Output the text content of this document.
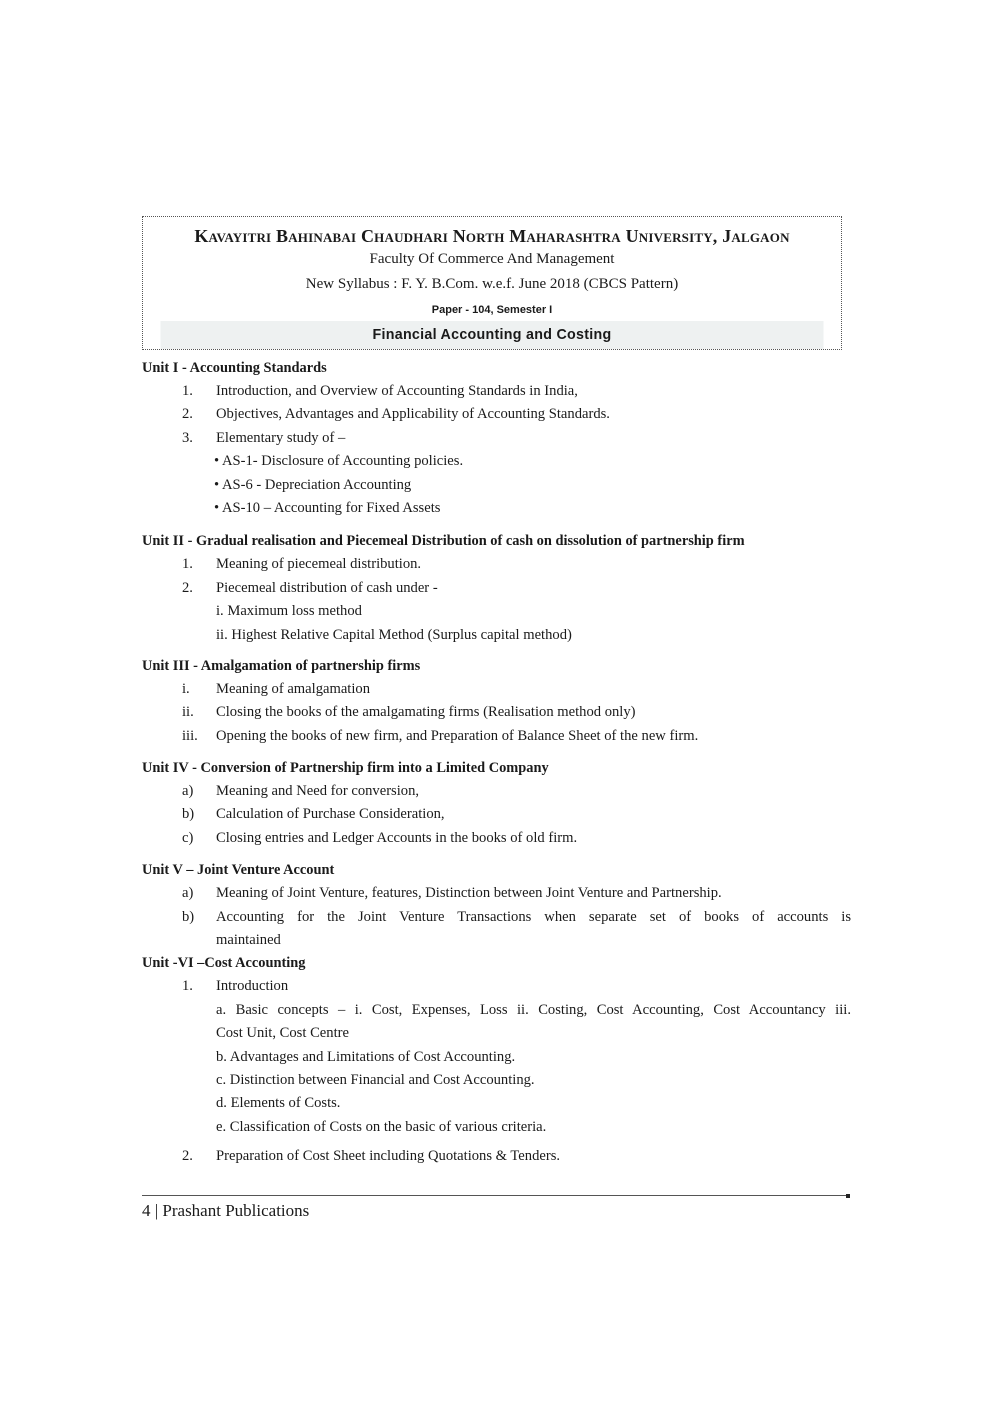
Kavayitri Bahinabai Chaudhari North Maharashtra University, Jalgaon
Faculty Of Commerce And Management
New Syllabus : F. Y. B.Com. w.e.f. June 2018 (CBCS Pattern)
Paper - 104, Semester I
Financial Accounting and Costing
Unit I - Accounting Standards
1.	Introduction, and Overview of Accounting Standards in India,
2.	Objectives, Advantages and Applicability of Accounting Standards.
3.	Elementary study of –
• AS-1- Disclosure of Accounting policies.
• AS-6 - Depreciation Accounting
• AS-10 – Accounting for Fixed Assets
Unit II - Gradual realisation and Piecemeal Distribution of cash on dissolution of partnership firm
1.	Meaning of piecemeal distribution.
2.	Piecemeal distribution of cash under -
i. Maximum loss method
ii. Highest Relative Capital Method (Surplus capital method)
Unit III - Amalgamation of partnership firms
i.	Meaning of amalgamation
ii.	Closing the books of the amalgamating firms (Realisation method only)
iii.	Opening the books of new firm, and Preparation of Balance Sheet of the new firm.
Unit IV - Conversion of Partnership firm into a Limited Company
a)	Meaning and Need for conversion,
b)	Calculation of Purchase Consideration,
c)	Closing entries and Ledger Accounts in the books of old firm.
Unit V – Joint Venture Account
a)	Meaning of Joint Venture, features, Distinction between Joint Venture and Partnership.
b)	Accounting for the Joint Venture Transactions when separate set of books of accounts is
maintained
Unit -VI –Cost Accounting
1.	Introduction
a. Basic concepts – i. Cost, Expenses, Loss ii. Costing, Cost Accounting, Cost Accountancy iii.
Cost Unit, Cost Centre
b. Advantages and Limitations of Cost Accounting.
c. Distinction between Financial and Cost Accounting.
d. Elements of Costs.
e. Classification of Costs on the basic of various criteria.
2.	Preparation of Cost Sheet including Quotations & Tenders.
4 | Prashant Publications
